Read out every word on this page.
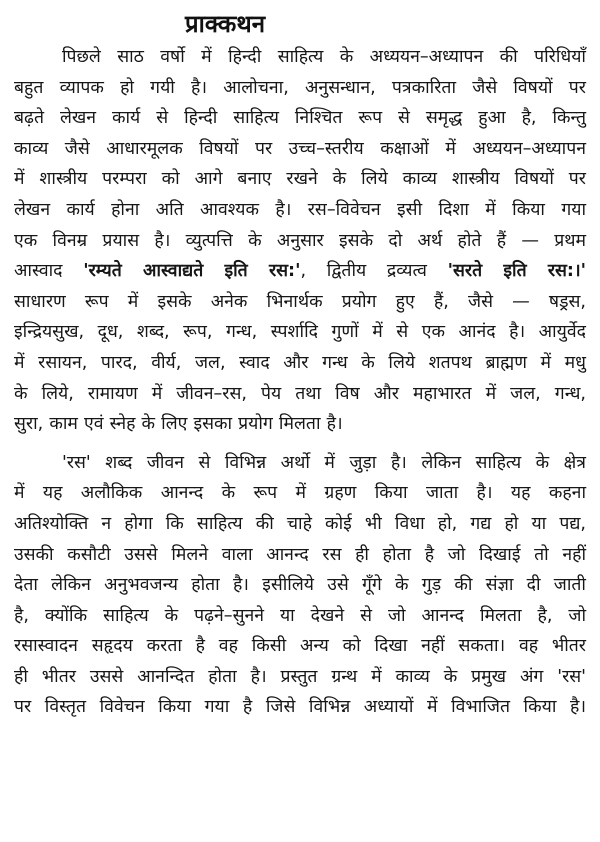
प्राक्कथन
पिछले साठ वर्षो में हिन्दी साहित्य के अध्ययन–अध्यापन की परिधियाँ
बहुत व्यापक हो गयी है। आलोचना, अनुसन्धान, पत्रकारिता जैसे विषयों पर
बढ़ते लेखन कार्य से हिन्दी साहित्य निश्चित रूप से समृद्ध हुआ है, किन्तु
काव्य जैसे आधारमूलक विषयों पर उच्च–स्तरीय कक्षाओं में अध्ययन–अध्यापन
में शास्त्रीय परम्परा को आगे बनाए रखने के लिये काव्य शास्त्रीय विषयों पर
लेखन कार्य होना अति आवश्यक है। रस–विवेचन इसी दिशा में किया गया
एक विनम्र प्रयास है। व्युत्पत्ति के अनुसार इसके दो अर्थ होते हैं — प्रथम
आस्वाद 'रम्यते आस्वाद्यते इति रस:', द्वितीय द्रव्यत्व 'सरते इति रस:।'
साधारण रूप में इसके अनेक भिनार्थक प्रयोग हुए हैं, जैसे — षड्रस,
इन्द्रियसुख, दूध, शब्द, रूप, गन्ध, स्पर्शादि गुणों में से एक आनंद है। आयुर्वेद
में रसायन, पारद, वीर्य, जल, स्वाद और गन्ध के लिये शतपथ ब्राह्मण में मधु
के लिये, रामायण में जीवन–रस, पेय तथा विष और महाभारत में जल, गन्ध,
सुरा, काम एवं स्नेह के लिए इसका प्रयोग मिलता है।
'रस' शब्द जीवन से विभिन्न अर्थो में जुड़ा है। लेकिन साहित्य के क्षेत्र
में यह अलौकिक आनन्द के रूप में ग्रहण किया जाता है। यह कहना
अतिश्योक्ति न होगा कि साहित्य की चाहे कोई भी विधा हो, गद्य हो या पद्य,
उसकी कसौटी उससे मिलने वाला आनन्द रस ही होता है जो दिखाई तो नहीं
देता लेकिन अनुभवजन्य होता है। इसीलिये उसे गूँगे के गुड़ की संज्ञा दी जाती
है, क्योंकि साहित्य के पढ़ने–सुनने या देखने से जो आनन्द मिलता है, जो
रसास्वादन सहृदय करता है वह किसी अन्य को दिखा नहीं सकता। वह भीतर
ही भीतर उससे आनन्दित होता है। प्रस्तुत ग्रन्थ में काव्य के प्रमुख अंग 'रस'
पर विस्तृत विवेचन किया गया है जिसे विभिन्न अध्यायों में विभाजित किया है।
